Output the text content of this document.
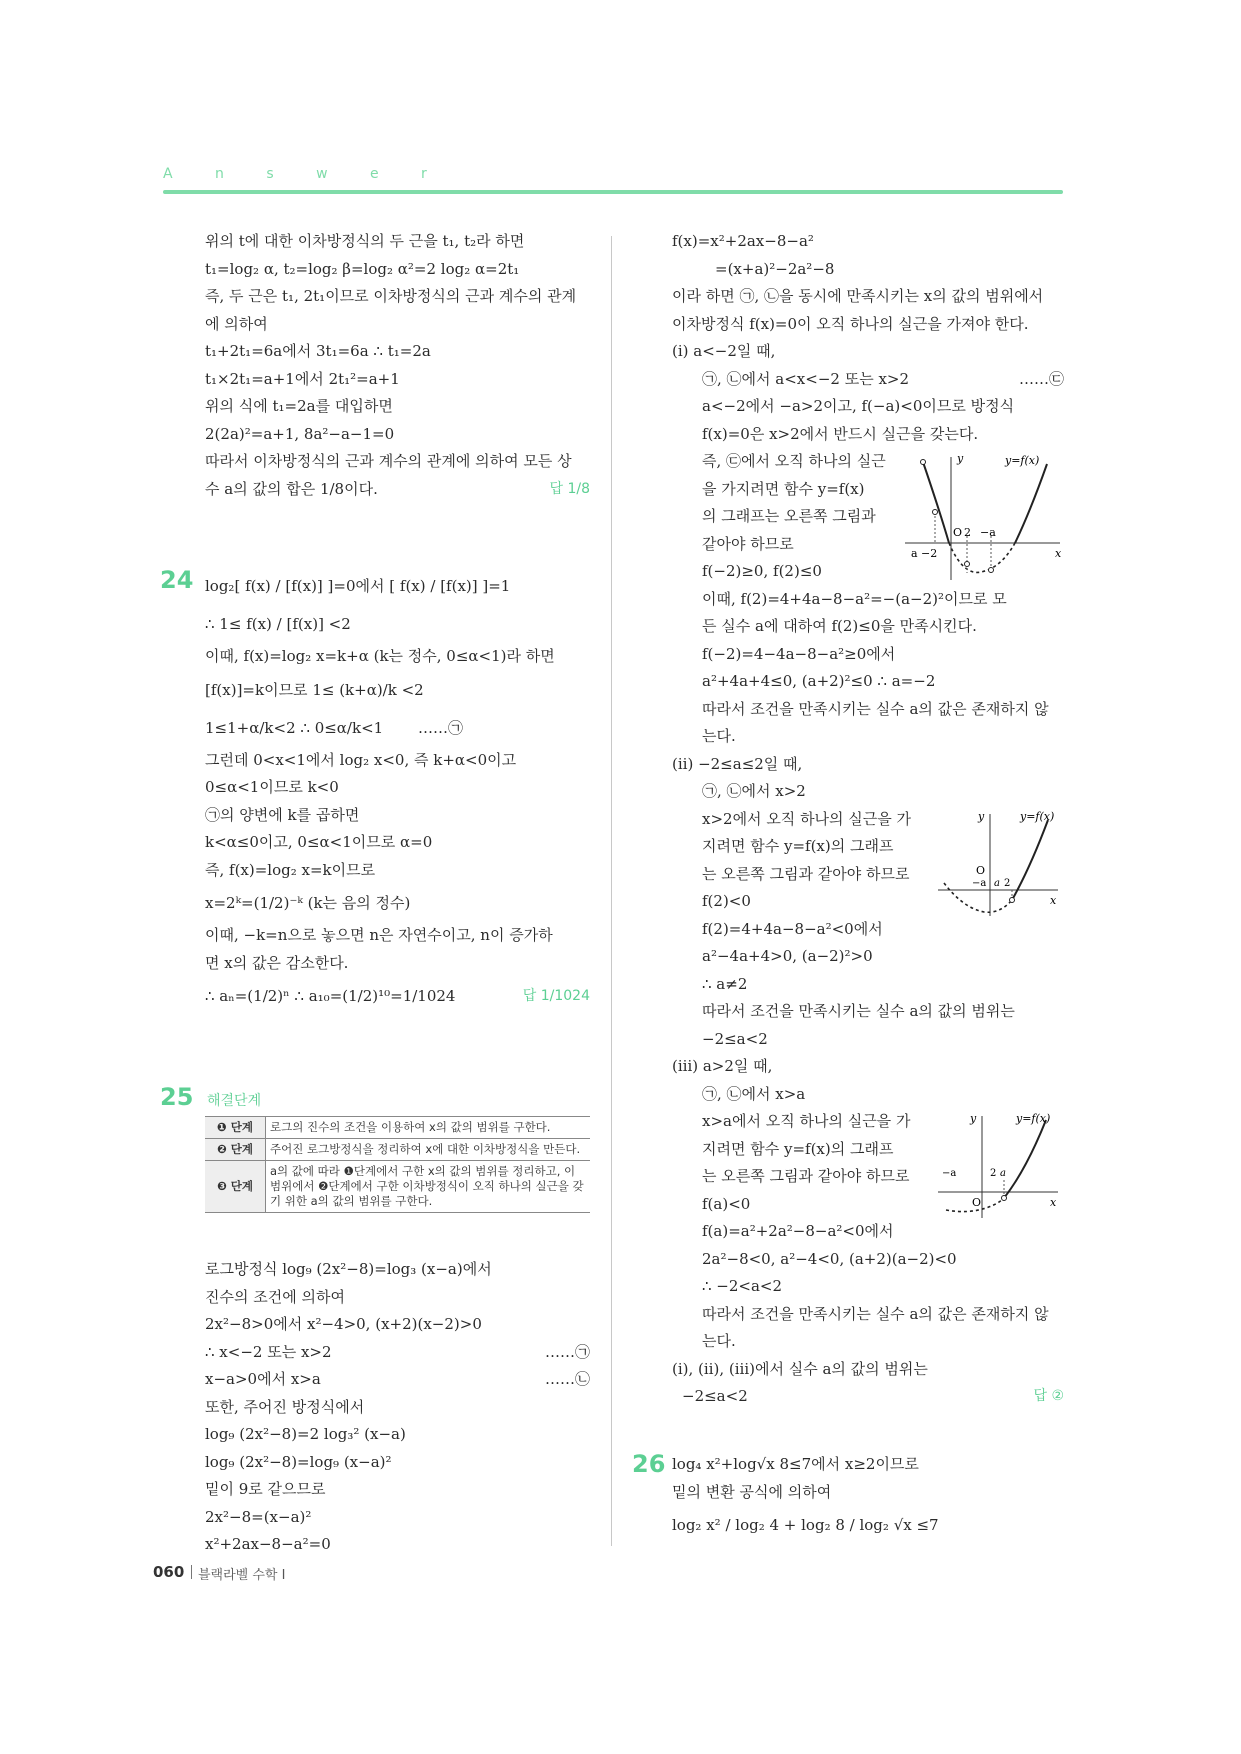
A n s w e r
위의 t에 대한 이차방정식의 두 근을 t₁, t₂라 하면
t₁=log₂ α, t₂=log₂ β=log₂ α²=2 log₂ α=2t₁
즉, 두 근은 t₁, 2t₁이므로 이차방정식의 근과 계수의 관계
에 의하여
t₁+2t₁=6a에서 3t₁=6a ∴ t₁=2a
t₁×2t₁=a+1에서 2t₁²=a+1
위의 식에 t₁=2a를 대입하면
2(2a)²=a+1, 8a²−a−1=0
따라서 이차방정식의 근과 계수의 관계에 의하여 모든 상
수 a의 값의 합은 1/8이다.	답 1/8
24 log₂[ f(x) / [f(x)] ]=0에서 [ f(x) / [f(x)] ]=1
∴ 1≤ f(x) / [f(x)] <2
이때, f(x)=log₂ x=k+α (k는 정수, 0≤α<1)라 하면
[f(x)]=k이므로 1≤ (k+α)/k <2
1≤1+α/k<2 ∴ 0≤α/k<1 ……㉠
그런데 0<x<1에서 log₂ x<0, 즉 k+α<0이고
0≤α<1이므로 k<0
㉠의 양변에 k를 곱하면
k<α≤0이고, 0≤α<1이므로 α=0
즉, f(x)=log₂ x=k이므로
x=2ᵏ=(1/2)⁻ᵏ (k는 음의 정수)
이때, −k=n으로 놓으면 n은 자연수이고, n이 증가하
면 x의 값은 감소한다.
∴ aₙ=(1/2)ⁿ ∴ a₁₀=(1/2)¹⁰=1/1024	답 1/1024
25 해결단계
❶ 단계	로그의 진수의 조건을 이용하여 x의 값의 범위를 구한다.
❷ 단계	주어진 로그방정식을 정리하여 x에 대한 이차방정식을 만든다.
❸ 단계	a의 값에 따라 ❶단계에서 구한 x의 값의 범위를 정리하고, 이 범위에서 ❷단계에서 구한 이차방정식이 오직 하나의 실근을 갖기 위한 a의 값의 범위를 구한다.
로그방정식 log₉ (2x²−8)=log₃ (x−a)에서
진수의 조건에 의하여
2x²−8>0에서 x²−4>0, (x+2)(x−2)>0
∴ x<−2 또는 x>2	……㉠
x−a>0에서 x>a	……㉡
또한, 주어진 방정식에서
log₉ (2x²−8)=2 log₃² (x−a)
log₉ (2x²−8)=log₉ (x−a)²
밑이 9로 같으므로
2x²−8=(x−a)²
x²+2ax−8−a²=0
f(x)=x²+2ax−8−a²
=(x+a)²−2a²−8
이라 하면 ㉠, ㉡을 동시에 만족시키는 x의 값의 범위에서
이차방정식 f(x)=0이 오직 하나의 실근을 가져야 한다.
(ⅰ) a<−2일 때,
㉠, ㉡에서 a<x<−2 또는 x>2	……㉢
a<−2에서 −a>2이고, f(−a)<0이므로 방정식
f(x)=0은 x>2에서 반드시 실근을 갖는다.
즉, ㉢에서 오직 하나의 실근
을 가지려면 함수 y=f(x)
의 그래프는 오른쪽 그림과
같아야 하므로
f(−2)≥0, f(2)≤0
이때, f(2)=4+4a−8−a²=−(a−2)²이므로 모
든 실수 a에 대하여 f(2)≤0을 만족시킨다.
f(−2)=4−4a−8−a²≥0에서
a²+4a+4≤0, (a+2)²≤0 ∴ a=−2
따라서 조건을 만족시키는 실수 a의 값은 존재하지 않
는다.
(ⅱ) −2≤a≤2일 때,
㉠, ㉡에서 x>2
x>2에서 오직 하나의 실근을 가
지려면 함수 y=f(x)의 그래프
는 오른쪽 그림과 같아야 하므로
f(2)<0
f(2)=4+4a−8−a²<0에서
a²−4a+4>0, (a−2)²>0
∴ a≠2
따라서 조건을 만족시키는 실수 a의 값의 범위는
−2≤a<2
(ⅲ) a>2일 때,
㉠, ㉡에서 x>a
x>a에서 오직 하나의 실근을 가
지려면 함수 y=f(x)의 그래프
는 오른쪽 그림과 같아야 하므로
f(a)<0
f(a)=a²+2a²−8−a²<0에서
2a²−8<0, a²−4<0, (a+2)(a−2)<0
∴ −2<a<2
따라서 조건을 만족시키는 실수 a의 값은 존재하지 않
는다.
(ⅰ), (ⅱ), (ⅲ)에서 실수 a의 값의 범위는
−2≤a<2	답 ②
y	y=f(x)
x
O 2 −a
a −2
y	y=f(x)
x
O
−a a 2
y	y=f(x)
x
O
−a	2 a
26 log₄ x²+log√x 8≤7에서 x≥2이므로
밑의 변환 공식에 의하여
log₂ x² / log₂ 4 + log₂ 8 / log₂ √x ≤7
060 블랙라벨 수학 I
